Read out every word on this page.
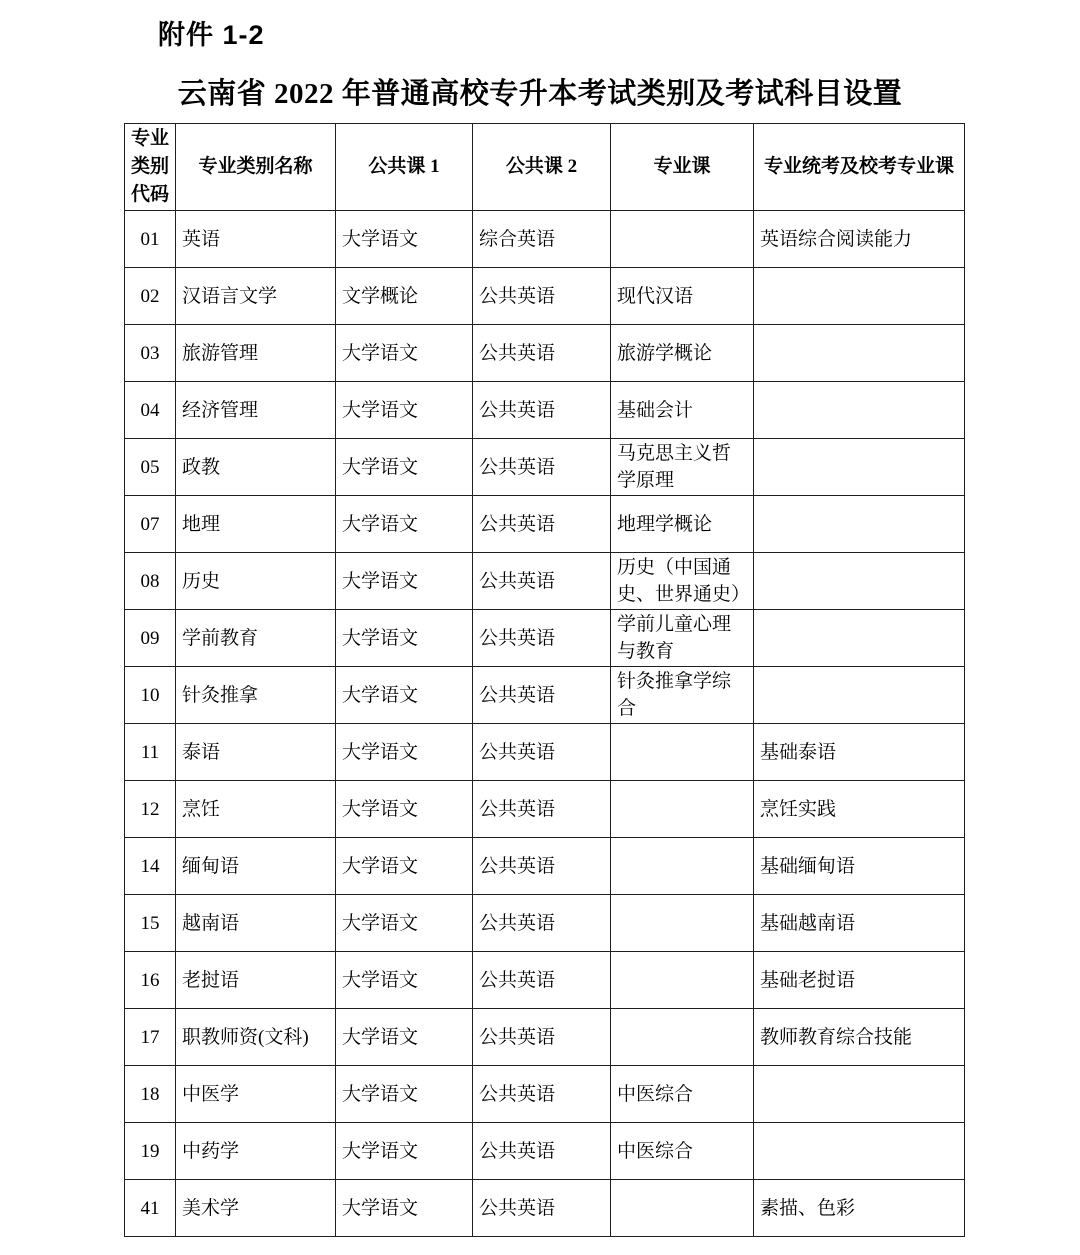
附件 1-2
云南省 2022 年普通高校专升本考试类别及考试科目设置
专业类别代码	专业类别名称	公共课 1	公共课 2	专业课	专业统考及校考专业课
01	英语	大学语文	综合英语		英语综合阅读能力
02	汉语言文学	文学概论	公共英语	现代汉语	
03	旅游管理	大学语文	公共英语	旅游学概论	
04	经济管理	大学语文	公共英语	基础会计	
05	政教	大学语文	公共英语	马克思主义哲学原理	
07	地理	大学语文	公共英语	地理学概论	
08	历史	大学语文	公共英语	历史（中国通史、世界通史）	
09	学前教育	大学语文	公共英语	学前儿童心理与教育	
10	针灸推拿	大学语文	公共英语	针灸推拿学综合	
11	泰语	大学语文	公共英语		基础泰语
12	烹饪	大学语文	公共英语		烹饪实践
14	缅甸语	大学语文	公共英语		基础缅甸语
15	越南语	大学语文	公共英语		基础越南语
16	老挝语	大学语文	公共英语		基础老挝语
17	职教师资(文科)	大学语文	公共英语		教师教育综合技能
18	中医学	大学语文	公共英语	中医综合	
19	中药学	大学语文	公共英语	中医综合	
41	美术学	大学语文	公共英语		素描、色彩
